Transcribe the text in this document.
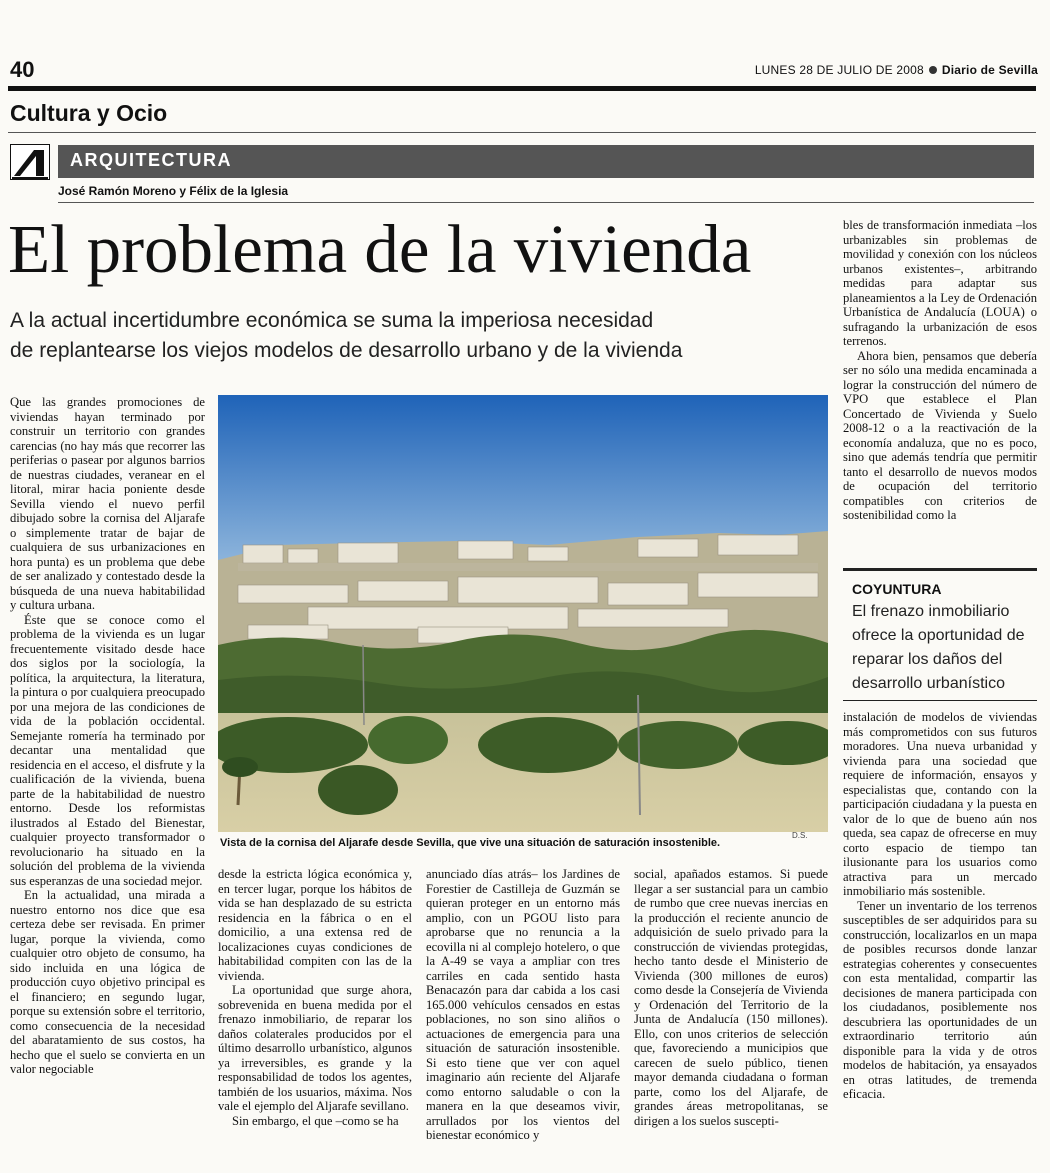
40	LUNES 28 DE JULIO DE 2008 Diario de Sevilla
Cultura y Ocio
ARQUITECTURA
José Ramón Moreno y Félix de la Iglesia
El problema de la vivienda
A la actual incertidumbre económica se suma la imperiosa necesidad
de replantearse los viejos modelos de desarrollo urbano y de la vivienda

Que las grandes promociones de viviendas hayan terminado por construir un territorio con grandes carencias (no hay más que recorrer las periferias o pasear por algunos barrios de nuestras ciudades, veranear en el litoral, mirar hacia poniente desde Sevilla viendo el nuevo perfil dibujado sobre la cornisa del Aljarafe o simplemente tratar de bajar de cualquiera de sus urbanizaciones en hora punta) es un problema que debe de ser analizado y contestado desde la búsqueda de una nueva habitabilidad y cultura urbana.

Éste que se conoce como el problema de la vivienda es un lugar frecuentemente visitado desde hace dos siglos por la sociología, la política, la arquitectura, la literatura, la pintura o por cualquiera preocupado por una mejora de las condiciones de vida de la población occidental. Semejante romería ha terminado por decantar una mentalidad que residencia en el acceso, el disfrute y la cualificación de la vivienda, buena parte de la habitabilidad de nuestro entorno. Desde los reformistas ilustrados al Estado del Bienestar, cualquier proyecto transformador o revolucionario ha situado en la solución del problema de la vivienda sus esperanzas de una sociedad mejor.

En la actualidad, una mirada a nuestro entorno nos dice que esa certeza debe ser revisada. En primer lugar, porque la vivienda, como cualquier otro objeto de consumo, ha sido incluida en una lógica de producción cuyo objetivo principal es el financiero; en segundo lugar, porque su extensión sobre el territorio, como consecuencia de la necesidad del abaratamiento de sus costos, ha hecho que el suelo se convierta en un valor negociable

Vista de la cornisa del Aljarafe desde Sevilla, que vive una situación de saturación insostenible.
D.S.

desde la estricta lógica económica y, en tercer lugar, porque los hábitos de vida se han desplazado de su estricta residencia en la fábrica o en el domicilio, a una extensa red de localizaciones cuyas condiciones de habitabilidad compiten con las de la vivienda.

La oportunidad que surge ahora, sobrevenida en buena medida por el frenazo inmobiliario, de reparar los daños colaterales producidos por el último desarrollo urbanístico, algunos ya irreversibles, es grande y la responsabilidad de todos los agentes, también de los usuarios, máxima. Nos vale el ejemplo del Aljarafe sevillano.

Sin embargo, el que –como se ha

anunciado días atrás– los Jardines de Forestier de Castilleja de Guzmán se quieran proteger en un entorno más amplio, con un PGOU listo para aprobarse que no renuncia a la ecovilla ni al complejo hotelero, o que la A-49 se vaya a ampliar con tres carriles en cada sentido hasta Benacazón para dar cabida a los casi 165.000 vehículos censados en estas poblaciones, no son sino aliños o actuaciones de emergencia para una situación de saturación insostenible. Si esto tiene que ver con aquel imaginario aún reciente del Aljarafe como entorno saludable o con la manera en la que deseamos vivir, arrullados por los vientos del bienestar económico y

social, apañados estamos. Si puede llegar a ser sustancial para un cambio de rumbo que cree nuevas inercias en la producción el reciente anuncio de adquisición de suelo privado para la construcción de viviendas protegidas, hecho tanto desde el Ministerio de Vivienda (300 millones de euros) como desde la Consejería de Vivienda y Ordenación del Territorio de la Junta de Andalucía (150 millones). Ello, con unos criterios de selección que, favoreciendo a municipios que carecen de suelo público, tienen mayor demanda ciudadana o forman parte, como los del Aljarafe, de grandes áreas metropolitanas, se dirigen a los suelos suscepti-

bles de transformación inmediata –los urbanizables sin problemas de movilidad y conexión con los núcleos urbanos existentes–, arbitrando medidas para adaptar sus planeamientos a la Ley de Ordenación Urbanística de Andalucía (LOUA) o sufragando la urbanización de esos terrenos.

Ahora bien, pensamos que debería ser no sólo una medida encaminada a lograr la construcción del número de VPO que establece el Plan Concertado de Vivienda y Suelo 2008-12 o a la reactivación de la economía andaluza, que no es poco, sino que además tendría que permitir tanto el desarrollo de nuevos modos de ocupación del territorio compatibles con criterios de sostenibilidad como la

COYUNTURA
El frenazo inmobiliario ofrece la oportunidad de reparar los daños del desarrollo urbanístico

instalación de modelos de viviendas más comprometidos con sus futuros moradores. Una nueva urbanidad y vivienda para una sociedad que requiere de información, ensayos y especialistas que, contando con la participación ciudadana y la puesta en valor de lo que de bueno aún nos queda, sea capaz de ofrecerse en muy corto espacio de tiempo tan ilusionante para los usuarios como atractiva para un mercado inmobiliario más sostenible.

Tener un inventario de los terrenos susceptibles de ser adquiridos para su construcción, localizarlos en un mapa de posibles recursos donde lanzar estrategias coherentes y consecuentes con esta mentalidad, compartir las decisiones de manera participada con los ciudadanos, posiblemente nos descubriera las oportunidades de un extraordinario territorio aún disponible para la vida y de otros modelos de habitación, ya ensayados en otras latitudes, de tremenda eficacia.
